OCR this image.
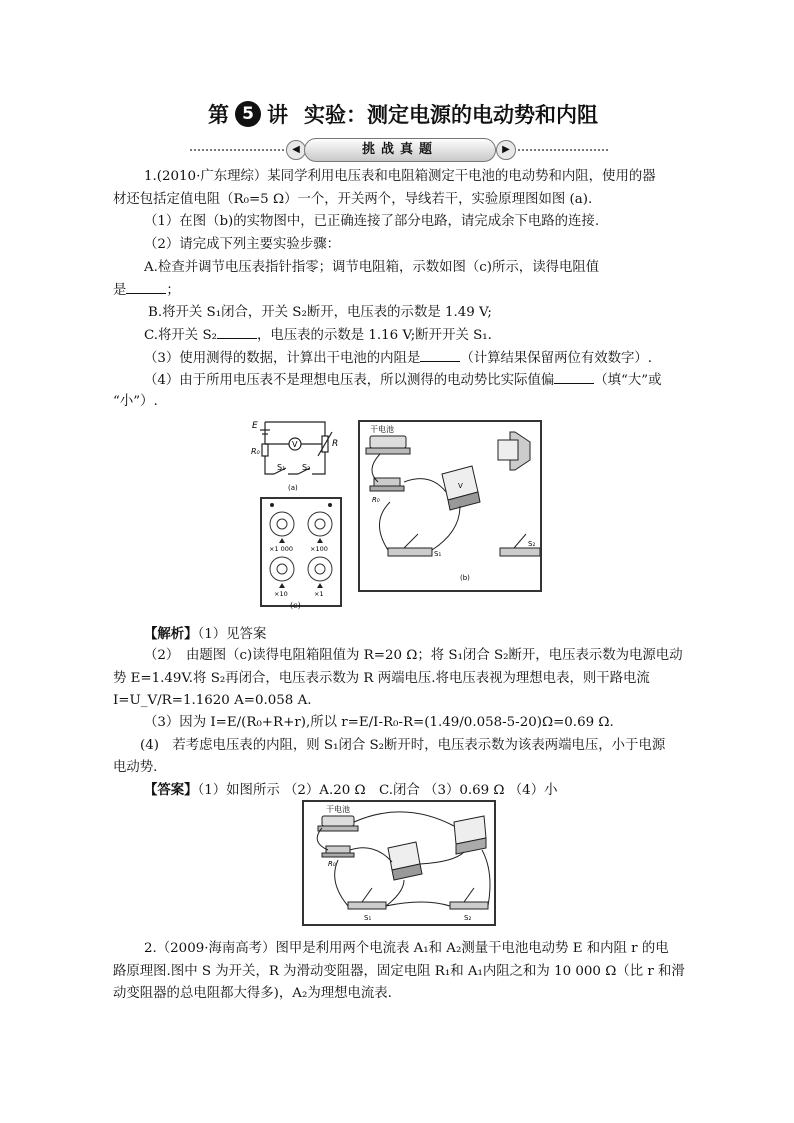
第 5 讲 实验：测定电源的电动势和内阻
◀	挑战真题	▶
1.(2010·广东理综）某同学利用电压表和电阻箱测定干电池的电动势和内阻，使用的器
材还包括定值电阻（R₀=5 Ω）一个，开关两个，导线若干，实验原理图如图 (a).
（1）在图（b)的实物图中，已正确连接了部分电路，请完成余下电路的连接.
（2）请完成下列主要实验步骤：
A.检查并调节电压表指针指零；调节电阻箱，示数如图（c)所示，读得电阻值
是	；
B.将开关 S₁闭合，开关 S₂断开，电压表的示数是 1.49 V;
C.将开关 S₂	，电压表的示数是 1.16 V;断开开关 S₁.
（3）使用测得的数据，计算出干电池的内阻是	（计算结果保留两位有效数字）.
（4）由于所用电压表不是理想电压表，所以测得的电动势比实际值偏	（填“大”或
“小”）.
E
R₀
V	R
S₁ S₂
(a)
×1 000	×100
×10	×1
(c)
干电池
R₀
V
S₁
S₂
(b)
【解析】（1）见答案
（2）　由题图（c)读得电阻箱阻值为 R=20 Ω；将 S₁闭合 S₂断开，电压表示数为电源电动
势 E=1.49V.将 S₂再闭合，电压表示数为 R 两端电压.将电压表视为理想电表，则干路电流
I=U_V/R=1.1620 A=0.058 A.
（3）因为 I=E/(R₀+R+r),所以 r=E/I-R₀-R=(1.49/0.058-5-20)Ω=0.69 Ω.
(4)　若考虑电压表的内阻，则 S₁闭合 S₂断开时，电压表示数为该表两端电压，小于电源
电动势.
【答案】（1）如图所示 （2）A.20 Ω　C.闭合 （3）0.69 Ω （4）小
干电池
R₀
S₁	S₂
2.（2009·海南高考）图甲是利用两个电流表 A₁和 A₂测量干电池电动势 E 和内阻 r 的电
路原理图.图中 S 为开关，R 为滑动变阻器，固定电阻 R₁和 A₁内阻之和为 10 000 Ω（比 r 和滑
动变阻器的总电阻都大得多)，A₂为理想电流表.
